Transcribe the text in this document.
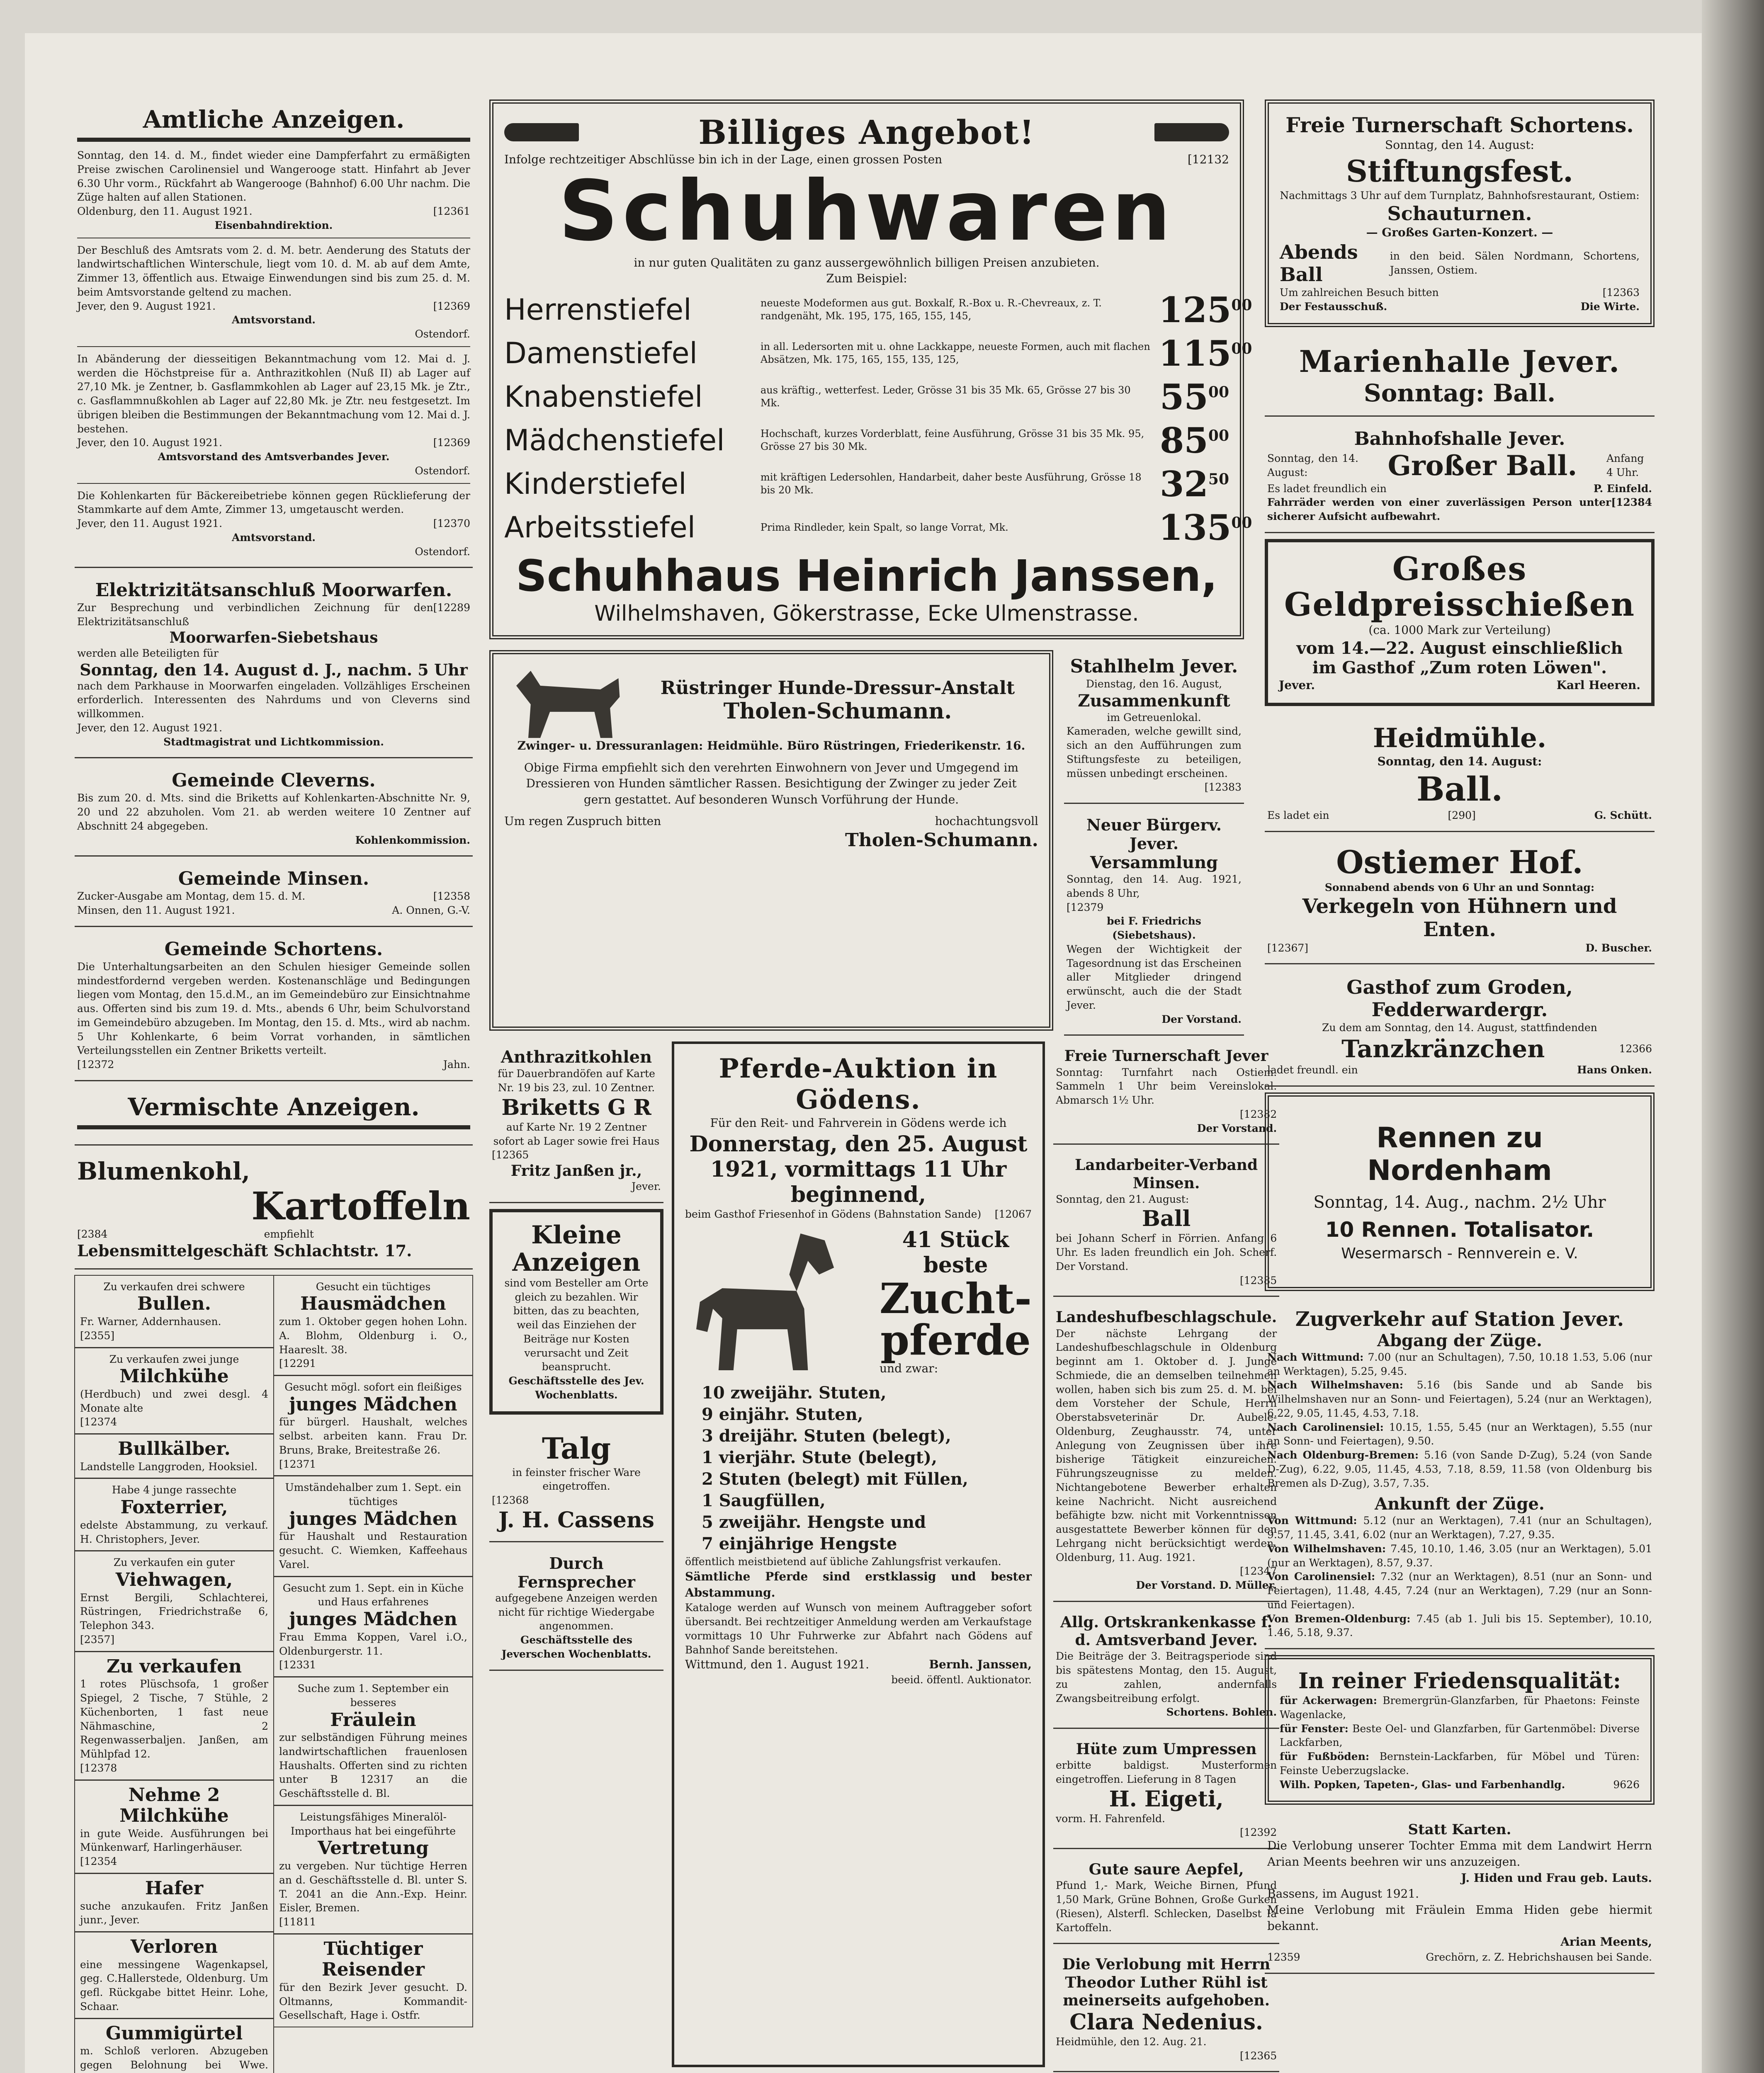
Amtliche Anzeigen.

Sonntag, den 14. d. M., findet wieder eine Dampferfahrt zu ermäßigten Preise zwischen Carolinensiel und Wangerooge statt. Hinfahrt ab Jever 6.30 Uhr vorm., Rückfahrt ab Wangerooge (Bahnhof) 6.00 Uhr nachm. Die Züge halten auf allen Stationen.

Oldenburg, den 11. August 1921.	[12361
Eisenbahndirektion.

Der Beschluß des Amtsrats vom 2. d. M. betr. Aenderung des Statuts der landwirtschaftlichen Winterschule, liegt vom 10. d. M. ab auf dem Amte, Zimmer 13, öffentlich aus. Etwaige Einwendungen sind bis zum 25. d. M. beim Amtsvorstande geltend zu machen.

Jever, den 9. August 1921.	[12369
Amtsvorstand.
Ostendorf.

In Abänderung der diesseitigen Bekanntmachung vom 12. Mai d. J. werden die Höchstpreise für a. Anthrazitkohlen (Nuß II) ab Lager auf 27,10 Mk. je Zentner, b. Gasflammkohlen ab Lager auf 23,15 Mk. je Ztr., c. Gasflammnußkohlen ab Lager auf 22,80 Mk. je Ztr. neu festgesetzt. Im übrigen bleiben die Bestimmungen der Bekanntmachung vom 12. Mai d. J. bestehen.

Jever, den 10. August 1921.	[12369
Amtsvorstand des Amtsverbandes Jever.
Ostendorf.

Die Kohlenkarten für Bäckereibetriebe können gegen Rücklieferung der Stammkarte auf dem Amte, Zimmer 13, umgetauscht werden.

Jever, den 11. August 1921.	[12370
Amtsvorstand.
Ostendorf.
Elektrizitätsanschluß Moorwarfen.
Zur Besprechung und verbindlichen Zeichnung für den Elektrizitätsanschluß
[12289
Moorwarfen-Siebetshaus
werden alle Beteiligten für
Sonntag, den 14. August d. J., nachm. 5 Uhr

nach dem Parkhause in Moorwarfen eingeladen. Vollzähliges Erscheinen erforderlich. Interessenten des Nahrdums und von Cleverns sind willkommen.

Jever, den 12. August 1921.
Stadtmagistrat und Lichtkommission.
Gemeinde Cleverns.

Bis zum 20. d. Mts. sind die Briketts auf Kohlenkarten-Abschnitte Nr. 9, 20 und 22 abzuholen. Vom 21. ab werden weitere 10 Zentner auf Abschnitt 24 abgegeben.

Kohlenkommission.
Gemeinde Minsen.
Zucker-Ausgabe am Montag, dem 15. d. M.	[12358
Minsen, den 11. August 1921.	A. Onnen, G.-V.
Gemeinde Schortens.

Die Unterhaltungsarbeiten an den Schulen hiesiger Gemeinde sollen mindestfordernd vergeben werden. Kostenanschläge und Bedingungen liegen vom Montag, den 15.d.M., an im Gemeindebüro zur Einsichtnahme aus. Offerten sind bis zum 19. d. Mts., abends 6 Uhr, beim Schulvorstand im Gemeindebüro abzugeben. Im Montag, den 15. d. Mts., wird ab nachm. 5 Uhr Kohlenkarte, 6 beim Vorrat vorhanden, in sämtlichen Verteilungsstellen ein Zentner Briketts verteilt.

[12372	Jahn.
Vermischte Anzeigen.
Blumenkohl,
Kartoffeln
[2384	empfiehlt
Lebensmittelgeschäft Schlachtstr. 17.
Zu verkaufen drei schwere
Bullen.
Fr. Warner, Addernhausen.
[2355]
Zu verkaufen zwei junge
Milchkühe
(Herdbuch) und zwei desgl. 4 Monate alte
[12374
Bullkälber.
Landstelle Langgroden, Hooksiel.
Habe 4 junge rassechte
Foxterrier,
edelste Abstammung, zu verkauf. H. Christophers, Jever.
Zu verkaufen ein guter
Viehwagen,
Ernst Bergili, Schlachterei, Rüstringen, Friedrichstraße 6, Telephon 343.
[2357]
Zu verkaufen
1 rotes Plüschsofa, 1 großer Spiegel, 2 Tische, 7 Stühle, 2 Küchenborten, 1 fast neue Nähmaschine, 2 Regenwasserbaljen. Janßen, am Mühlpfad 12.
[12378
Nehme 2 Milchkühe
in gute Weide. Ausführungen bei Münkenwarf, Harlingerhäuser.
[12354
Hafer
suche anzukaufen. Fritz Janßen junr., Jever.
Verloren
eine messingene Wagenkapsel, geg. C.Hallerstede, Oldenburg. Um gefl. Rückgabe bittet Heinr. Lohe, Schaar.
Gummigürtel
m. Schloß verloren. Abzugeben gegen Belohnung bei Wwe.
Gesucht ein tüchtiges
Hausmädchen
zum 1. Oktober gegen hohen Lohn. A. Blohm, Oldenburg i. O., Haareslt. 38.
[12291
Gesucht mögl. sofort ein fleißiges
junges Mädchen
für bürgerl. Haushalt, welches selbst. arbeiten kann. Frau Dr. Bruns, Brake, Breitestraße 26.
[12371
Umständehalber zum 1. Sept. ein tüchtiges
junges Mädchen
für Haushalt und Restauration gesucht. C. Wiemken, Kaffeehaus Varel.
Gesucht zum 1. Sept. ein in Küche und Haus erfahrenes
junges Mädchen
Frau Emma Koppen, Varel i.O., Oldenburgerstr. 11.
[12331
Suche zum 1. September ein besseres
Fräulein
zur selbständigen Führung meines landwirtschaftlichen frauenlosen Haushalts. Offerten sind zu richten unter B 12317 an die Geschäftsstelle d. Bl.
Leistungsfähiges Mineralöl-Importhaus hat bei eingeführte
Vertretung
zu vergeben. Nur tüchtige Herren an d. Geschäftsstelle d. Bl. unter S. T. 2041 an die Ann.-Exp. Heinr. Eisler, Bremen.
[11811
Tüchtiger Reisender
für den Bezirk Jever gesucht. D. Oltmanns, Kommandit-Gesellschaft, Hage i. Ostfr.
Billiges Angebot!
Infolge rechtzeitiger Abschlüsse bin ich in der Lage, einen grossen Posten	[12132
Schuhwaren
in nur guten Qualitäten zu ganz aussergewöhnlich billigen Preisen anzubieten.
Zum Beispiel:
Herrenstiefel	neueste Modeformen aus gut. Boxkalf, R.-Box u. R.-Chevreaux, z. T. randgenäht, Mk. 195, 175, 165, 155, 145,	$125^{00}$
Damenstiefel	in all. Ledersorten mit u. ohne Lackkappe, neueste Formen, auch mit flachen Absätzen, Mk. 175, 165, 155, 135, 125,	$115^{00}$
Knabenstiefel	aus kräftig., wetterfest. Leder, Grösse 31 bis 35 Mk. 65, Grösse 27 bis 30 Mk.	$55^{00}$
Mädchenstiefel	Hochschaft, kurzes Vorderblatt, feine Ausführung, Grösse 31 bis 35 Mk. 95, Grösse 27 bis 30 Mk.	$85^{00}$
Kinderstiefel	mit kräftigen Ledersohlen, Handarbeit, daher beste Ausführung, Grösse 18 bis 20 Mk.	$32^{50}$
Arbeitsstiefel	Prima Rindleder, kein Spalt, so lange Vorrat, Mk.	$135^{00}$
Schuhhaus Heinrich Janssen,
Wilhelmshaven, Gökerstrasse, Ecke Ulmenstrasse.
Rüstringer Hunde-Dressur-Anstalt
Tholen-Schumann.
Zwinger- u. Dressuranlagen: Heidmühle. Büro Rüstringen, Friederikenstr. 16.

Obige Firma empfiehlt sich den verehrten Einwohnern von Jever und Umgegend im Dressieren von Hunden sämtlicher Rassen. Besichtigung der Zwinger zu jeder Zeit gern gestattet. Auf besonderen Wunsch Vorführung der Hunde.

Um regen Zuspruch bitten	hochachtungsvoll
Tholen-Schumann.
Stahlhelm Jever.
Dienstag, den 16. August,
Zusammenkunft
im Getreuenlokal.

Kameraden, welche gewillt sind, sich an den Aufführungen zum Stiftungsfeste zu beteiligen, müssen unbedingt erscheinen.

[12383
Neuer Bürgerv. Jever.
Versammlung
Sonntag, den 14. Aug. 1921, abends 8 Uhr,
[12379
bei F. Friedrichs (Siebetshaus).

Wegen der Wichtigkeit der Tagesordnung ist das Erscheinen aller Mitglieder dringend erwünscht, auch die der Stadt Jever.

Der Vorstand.
Anthrazitkohlen

für Dauerbrandöfen auf Karte Nr. 19 bis 23, zul. 10 Zentner.

Briketts G R

auf Karte Nr. 19 2 Zentner sofort ab Lager sowie frei Haus

[12365
Fritz Janßen jr.,
Jever.
Kleine Anzeigen

sind vom Besteller am Orte gleich zu bezahlen. Wir bitten, das zu beachten, weil das Einziehen der Beiträge nur Kosten verursacht und Zeit beansprucht.

Geschäftsstelle des Jev. Wochenblatts.
Talg

in feinster frischer Ware eingetroffen.

[12368
J. H. Cassens
Durch Fernsprecher

aufgegebene Anzeigen werden nicht für richtige Wiedergabe angenommen.

Geschäftsstelle des Jeverschen Wochenblatts.
Pferde-Auktion in Gödens.
Für den Reit- und Fahrverein in Gödens werde ich
Donnerstag, den 25. August 1921, vormittags 11 Uhr beginnend,
beim Gasthof Friesenhof in Gödens (Bahnstation Sande) [12067
41 Stück beste
Zucht-pferde
und zwar:
10 zweijähr. Stuten,
9 einjähr. Stuten,
3 dreijähr. Stuten (belegt),
1 vierjähr. Stute (belegt),
2 Stuten (belegt) mit Füllen,
1 Saugfüllen,
5 zweijähr. Hengste und
7 einjährige Hengste

öffentlich meistbietend auf übliche Zahlungsfrist verkaufen.

Sämtliche Pferde sind erstklassig und bester Abstammung.

Kataloge werden auf Wunsch von meinem Auftraggeber sofort übersandt. Bei rechtzeitiger Anmeldung werden am Verkaufstage vormittags 10 Uhr Fuhrwerke zur Abfahrt nach Gödens auf Bahnhof Sande bereitstehen.

Wittmund, den 1. August 1921.	Bernh. Janssen,
beeid. öffentl. Auktionator.
Freie Turnerschaft Jever
Sonntag: Turnfahrt nach Ostiem. Sammeln 1 Uhr beim Vereinslokal. Abmarsch 1½ Uhr.
[12382
Der Vorstand.
Landarbeiter-Verband Minsen.
Sonntag, den 21. August:
Ball
bei Johann Scherf in Förrien. Anfang 6 Uhr. Es laden freundlich ein Joh. Scherf. Der Vorstand.
[12385
Landeshufbeschlagschule.
Der nächste Lehrgang der Landeshufbeschlagschule in Oldenburg beginnt am 1. Oktober d. J. Junge Schmiede, die an demselben teilnehmen wollen, haben sich bis zum 25. d. M. bei dem Vorsteher der Schule, Herrn Oberstabsveterinär Dr. Aubele-Oldenburg, Zeughausstr. 74, unter Anlegung von Zeugnissen über ihre bisherige Tätigkeit einzureichen. Führungszeugnisse zu melden. Nichtangebotene Bewerber erhalten keine Nachricht. Nicht ausreichend befähigte bzw. nicht mit Vorkenntnissen ausgestattete Bewerber können für den Lehrgang nicht berücksichtigt werden. Oldenburg, 11. Aug. 1921.
[12347
Der Vorstand. D. Müller.
Allg. Ortskrankenkasse f. d. Amtsverband Jever.
Die Beiträge der 3. Beitragsperiode sind bis spätestens Montag, den 15. August, zu zahlen, andernfalls Zwangsbeitreibung erfolgt.
Schortens. Bohlen.
Hüte zum Umpressen
erbitte baldigst. Musterformen eingetroffen. Lieferung in 8 Tagen
H. Eigeti,
vorm. H. Fahrenfeld.
[12392
Gute saure Aepfel,
Pfund 1,- Mark, Weiche Birnen, Pfund 1,50 Mark, Grüne Bohnen, Große Gurken (Riesen), Alsterfl. Schlecken, Daselbst Ia Kartoffeln.
Die Verlobung mit Herrn Theodor Luther Rühl ist meinerseits aufgehoben.
Clara Nedenius.
Heidmühle, den 12. Aug. 21.
[12365

Freie Turnerschaft Schortens.
Sonntag, den 14. August:
Stiftungsfest.

Nachmittags 3 Uhr auf dem Turnplatz, Bahnhofsrestaurant, Ostiem:

Schauturnen.
— Großes Garten-Konzert. —
Abends Ball
in den beid. Sälen Nordmann, Schortens, Janssen, Ostiem.
Um zahlreichen Besuch bitten	[12363
Der Festausschuß.	Die Wirte.
Marienhalle Jever.
Sonntag: Ball.
Bahnhofshalle Jever.
Sonntag, den 14. August:	Großer Ball.	Anfang 4 Uhr.
Es ladet freundlich ein	P. Einfeld.
Fahrräder werden von einer zuverlässigen Person unter sicherer Aufsicht aufbewahrt.
[12384
Großes Geldpreisschießen
(ca. 1000 Mark zur Verteilung)
vom 14.—22. August einschließlich
im Gasthof „Zum roten Löwen".
Jever.	Karl Heeren.
Heidmühle.
Sonntag, den 14. August:
Ball.
Es ladet ein	[290]	G. Schütt.
Ostiemer Hof.
Sonnabend abends von 6 Uhr an und Sonntag:
Verkegeln von Hühnern und Enten.
[12367]	D. Buscher.
Gasthof zum Groden, Fedderwardergr.
Zu dem am Sonntag, den 14. August, stattfindenden
Tanzkränzchen	12366
ladet freundl. ein	Hans Onken.
Rennen zu Nordenham
Sonntag, 14. Aug., nachm. 2½ Uhr
10 Rennen. Totalisator.
Wesermarsch - Rennverein e. V.
Zugverkehr auf Station Jever.
Abgang der Züge.

Nach Wittmund: 7.00 (nur an Schultagen), 7.50, 10.18 1.53, 5.06 (nur an Werktagen), 5.25, 9.45.

Nach Wilhelmshaven: 5.16 (bis Sande und ab Sande bis Wilhelmshaven nur an Sonn- und Feiertagen), 5.24 (nur an Werktagen), 6.22, 9.05, 11.45, 4.53, 7.18.

Nach Carolinensiel: 10.15, 1.55, 5.45 (nur an Werktagen), 5.55 (nur an Sonn- und Feiertagen), 9.50.

Nach Oldenburg-Bremen: 5.16 (von Sande D-Zug), 5.24 (von Sande D-Zug), 6.22, 9.05, 11.45, 4.53, 7.18, 8.59, 11.58 (von Oldenburg bis Bremen als D-Zug), 3.57, 7.35.

Ankunft der Züge.

Von Wittmund: 5.12 (nur an Werktagen), 7.41 (nur an Schultagen), 9.57, 11.45, 3.41, 6.02 (nur an Werktagen), 7.27, 9.35.

Von Wilhelmshaven: 7.45, 10.10, 1.46, 3.05 (nur an Werktagen), 5.01 (nur an Werktagen), 8.57, 9.37.

Von Carolinensiel: 7.32 (nur an Werktagen), 8.51 (nur an Sonn- und Feiertagen), 11.48, 4.45, 7.24 (nur an Werktagen), 7.29 (nur an Sonn- und Feiertagen).

Von Bremen-Oldenburg: 7.45 (ab 1. Juli bis 15. September), 10.10, 1.46, 5.18, 9.37.

In reiner Friedensqualität:

für Ackerwagen: Bremergrün-Glanzfarben, für Phaetons: Feinste Wagenlacke,

für Fenster: Beste Oel- und Glanzfarben, für Gartenmöbel: Diverse Lackfarben,

für Fußböden: Bernstein-Lackfarben, für Möbel und Türen: Feinste Ueberzugslacke.

Wilh. Popken, Tapeten-, Glas- und Farbenhandlg.	9626
Statt Karten.

Die Verlobung unserer Tochter Emma mit dem Landwirt Herrn Arian Meents beehren wir uns anzuzeigen.

J. Hiden und Frau geb. Lauts.
Bassens, im August 1921.

Meine Verlobung mit Fräulein Emma Hiden gebe hiermit bekannt.

Arian Meents,
12359	Grechörn, z. Z. Hebrichshausen bei Sande.
